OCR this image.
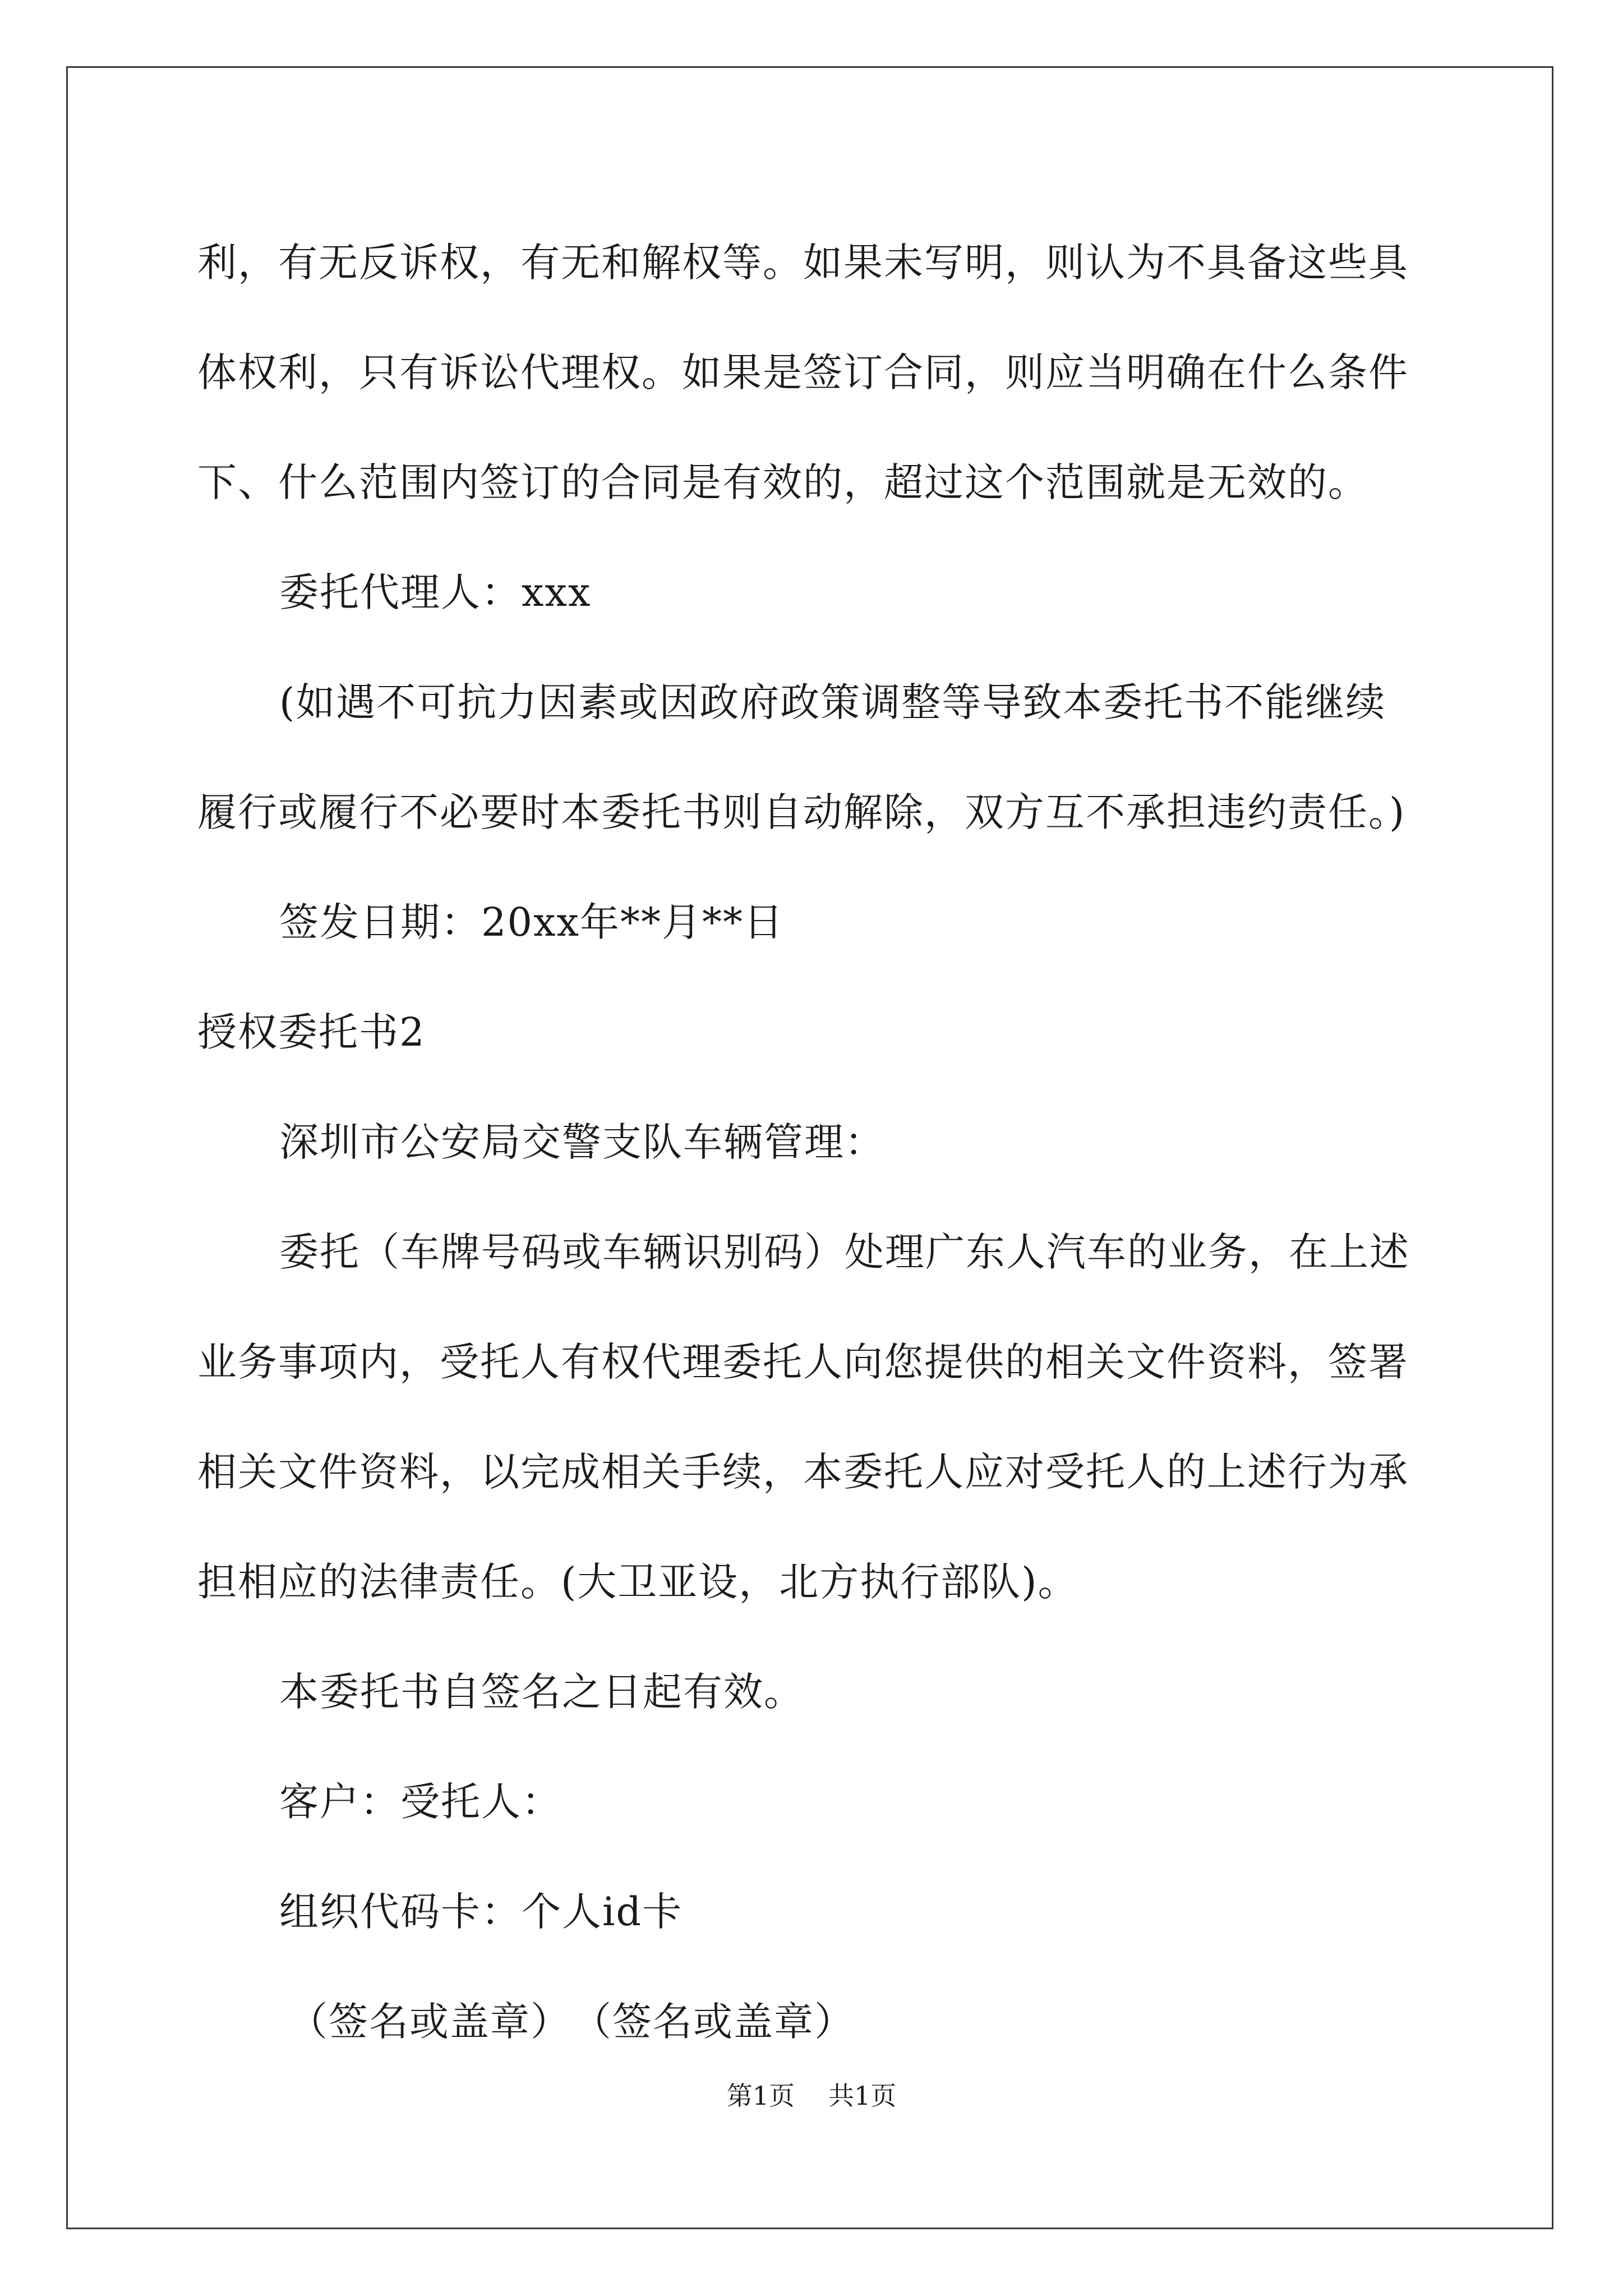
利，有无反诉权，有无和解权等。如果未写明，则认为不具备这些具

体权利，只有诉讼代理权。如果是签订合同，则应当明确在什么条件

下、什么范围内签订的合同是有效的，超过这个范围就是无效的。

委托代理人：xxx

(如遇不可抗力因素或因政府政策调整等导致本委托书不能继续

履行或履行不必要时本委托书则自动解除，双方互不承担违约责任。)

签发日期：20xx年**月**日

授权委托书2

深圳市公安局交警支队车辆管理：

委托（车牌号码或车辆识别码）处理广东人汽车的业务，在上述

业务事项内，受托人有权代理委托人向您提供的相关文件资料，签署

相关文件资料，以完成相关手续，本委托人应对受托人的上述行为承

担相应的法律责任。(大卫亚设，北方执行部队)。

本委托书自签名之日起有效。

客户：受托人：

组织代码卡：个人id卡

（签名或盖章）　（签名或盖章）

第1页 共1页
